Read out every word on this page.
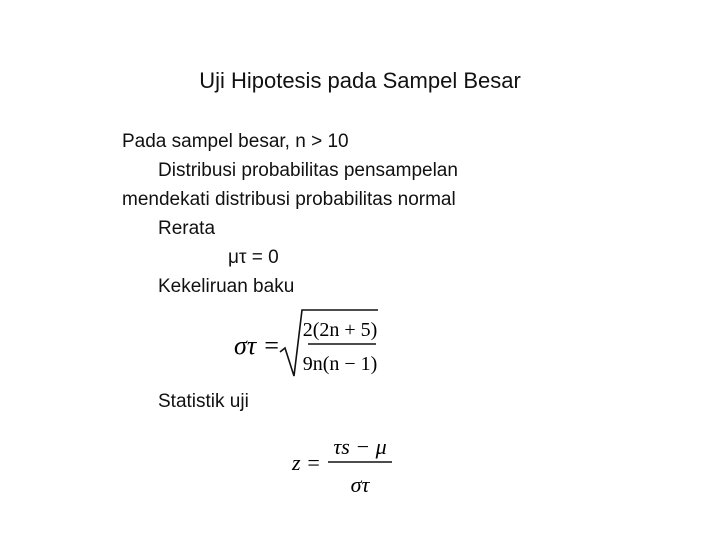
Uji Hipotesis pada Sampel Besar
Pada sampel besar, n > 10
Distribusi probabilitas pensampelan
mendekati distribusi probabilitas normal
Rerata
μτ = 0
Kekeliruan baku
στ =
2(2n + 5)
9n(n − 1)
Statistik uji
z =
τs − μ
στ
